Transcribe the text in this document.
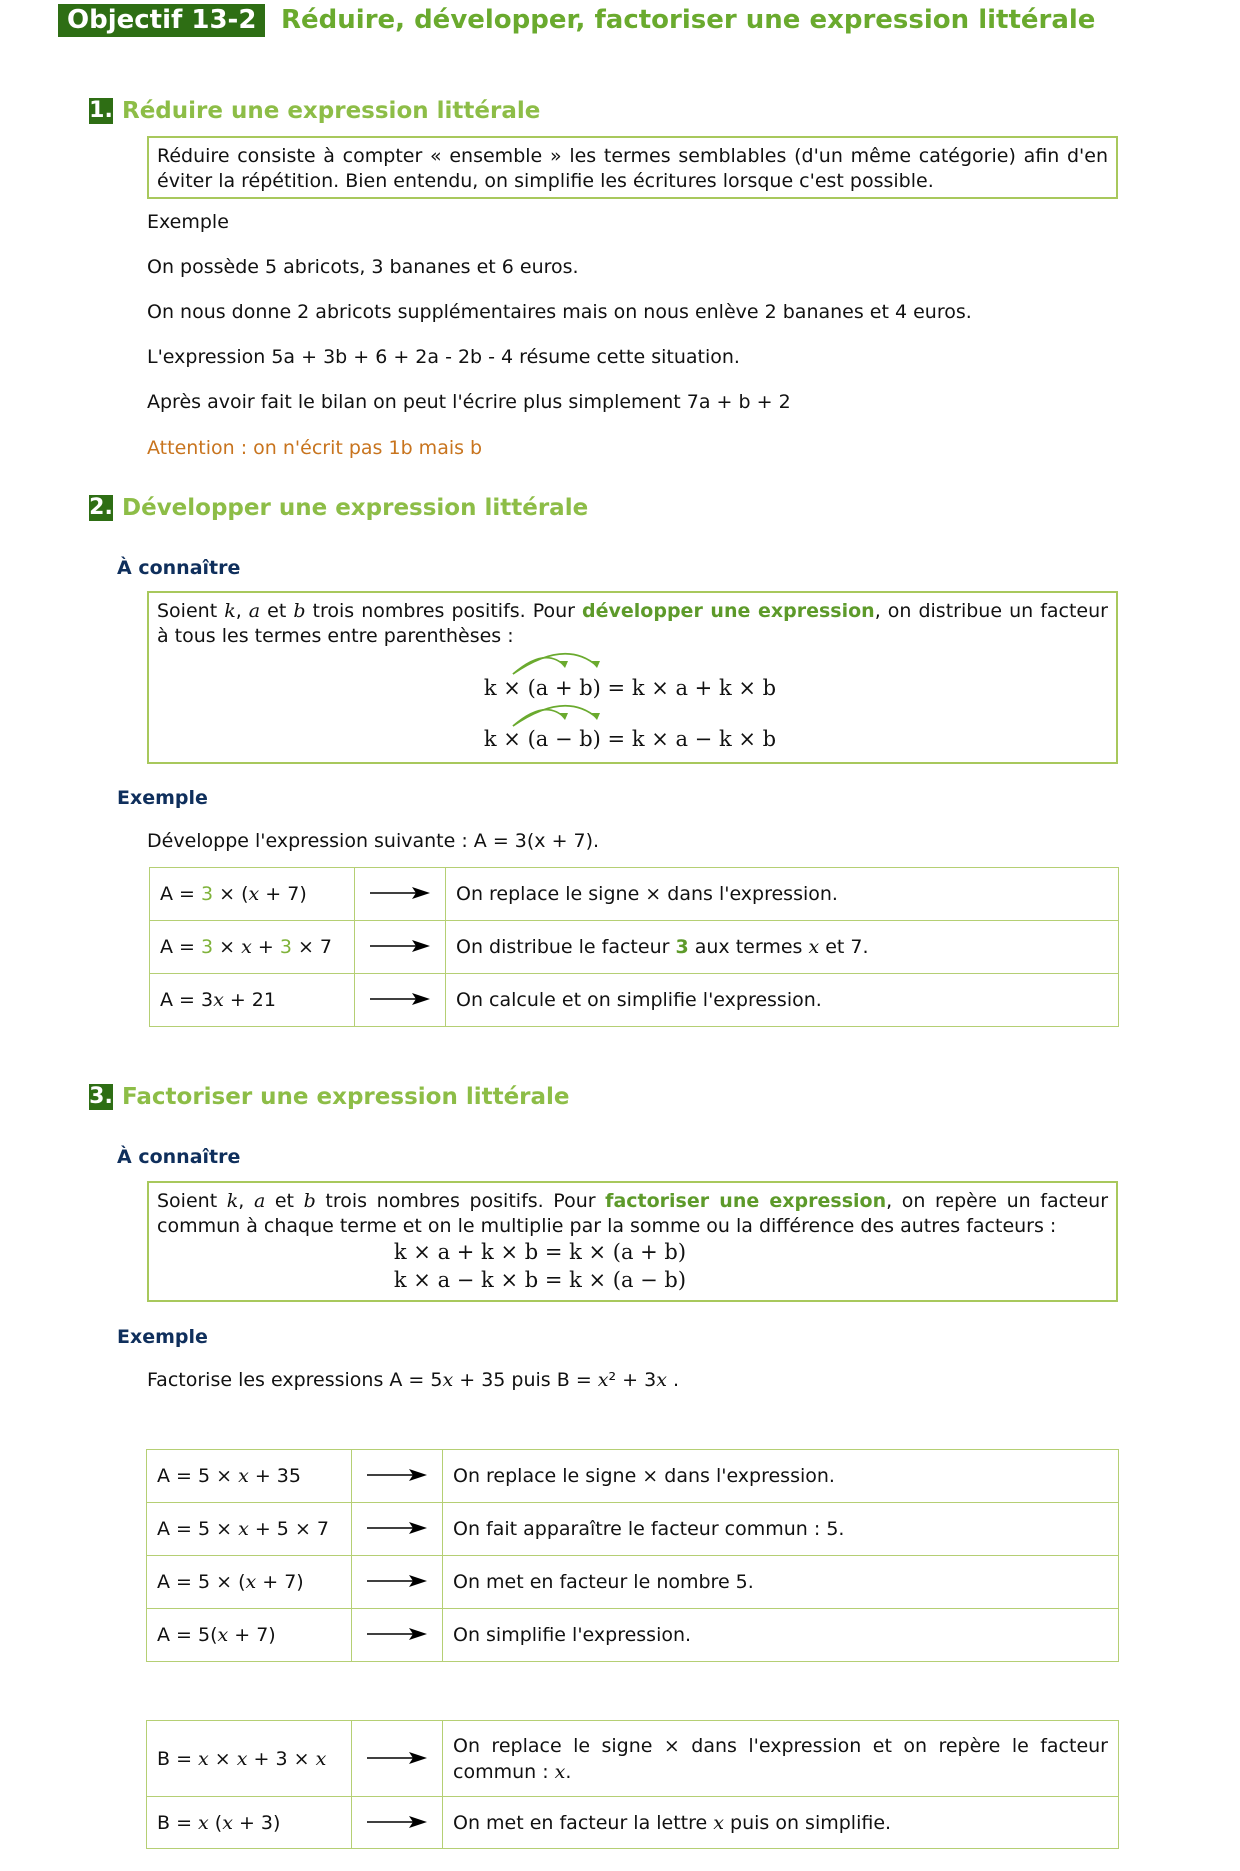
Objectif 13-2 Réduire, développer, factoriser une expression littérale
1. Réduire une expression littérale
Réduire consiste à compter « ensemble » les termes semblables (d'un même catégorie) afin d'en éviter la répétition. Bien entendu, on simplifie les écritures lorsque c'est possible.
Exemple
On possède 5 abricots, 3 bananes et 6 euros.
On nous donne 2 abricots supplémentaires mais on nous enlève 2 bananes et 4 euros.
L'expression 5a + 3b + 6 + 2a - 2b - 4 résume cette situation.
Après avoir fait le bilan on peut l'écrire plus simplement 7a + b + 2
Attention : on n'écrit pas 1b mais b
2. Développer une expression littérale
À connaître
Soient k, a et b trois nombres positifs. Pour développer une expression, on distribue un facteur à tous les termes entre parenthèses :
k × (a + b) = k × a + k × b
k × (a − b) = k × a − k × b
Exemple
Développe l'expression suivante : A = 3(x + 7).
A = 3 × (x + 7)		On replace le signe × dans l'expression.
A = 3 × x + 3 × 7		On distribue le facteur 3 aux termes x et 7.
A = 3x + 21		On calcule et on simplifie l'expression.
3. Factoriser une expression littérale
À connaître
Soient k, a et b trois nombres positifs. Pour factoriser une expression, on repère un facteur commun à chaque terme et on le multiplie par la somme ou la différence des autres facteurs :
k × a + k × b = k × (a + b)
k × a − k × b = k × (a − b)
Exemple
Factorise les expressions A = 5x + 35 puis B = x² + 3x .
A = 5 × x + 35		On replace le signe × dans l'expression.
A = 5 × x + 5 × 7		On fait apparaître le facteur commun : 5.
A = 5 × (x + 7)		On met en facteur le nombre 5.
A = 5(x + 7)		On simplifie l'expression.
B = x × x + 3 × x		On replace le signe × dans l'expression et on repère le facteur commun : x.
B = x (x + 3)		On met en facteur la lettre x puis on simplifie.
